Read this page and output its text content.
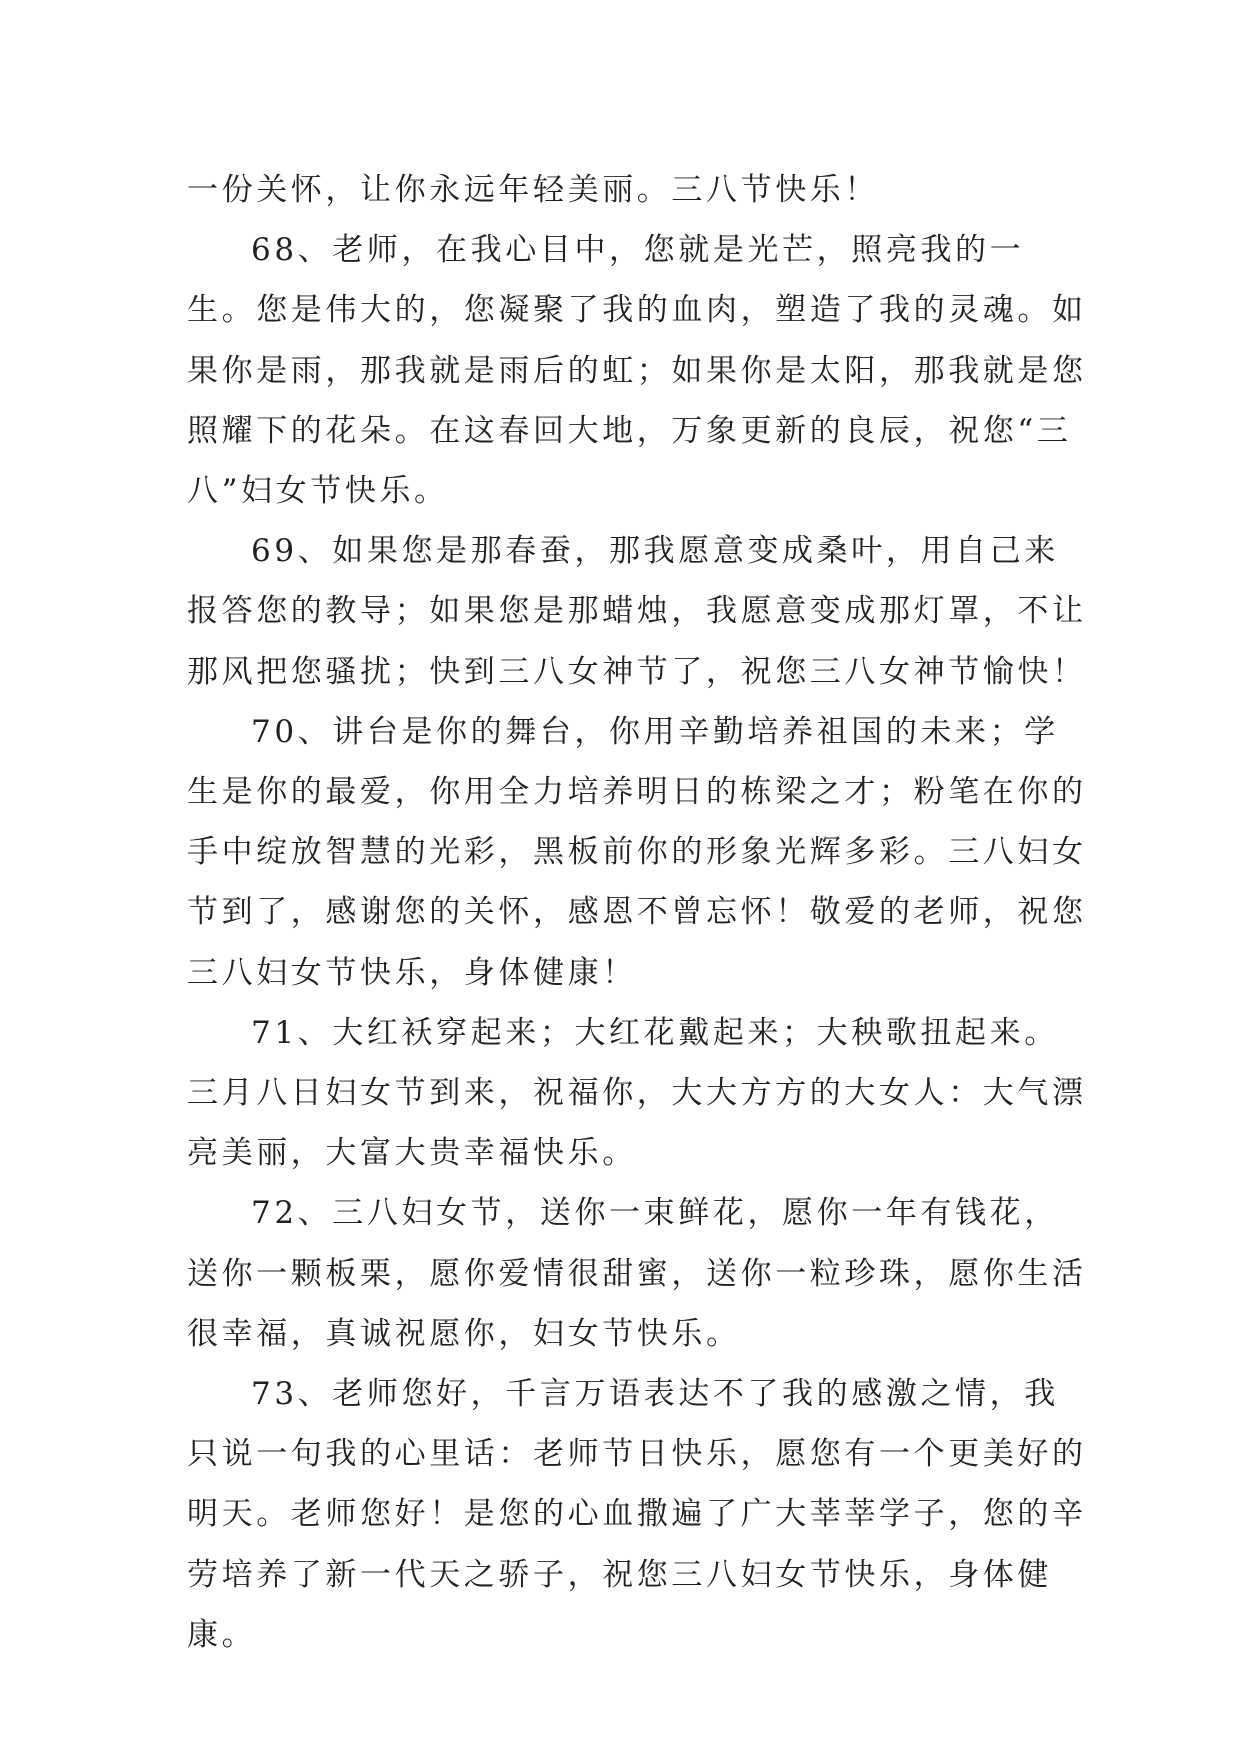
一份关怀，让你永远年轻美丽。三八节快乐！

68、老师，在我心目中，您就是光芒，照亮我的一生。您是伟大的，您凝聚了我的血肉，塑造了我的灵魂。如果你是雨，那我就是雨后的虹；如果你是太阳，那我就是您照耀下的花朵。在这春回大地，万象更新的良辰，祝您“三八”妇女节快乐。

69、如果您是那春蚕，那我愿意变成桑叶，用自己来报答您的教导；如果您是那蜡烛，我愿意变成那灯罩，不让那风把您骚扰；快到三八女神节了，祝您三八女神节愉快！

70、讲台是你的舞台，你用辛勤培养祖国的未来；学生是你的最爱，你用全力培养明日的栋梁之才；粉笔在你的手中绽放智慧的光彩，黑板前你的形象光辉多彩。三八妇女节到了，感谢您的关怀，感恩不曾忘怀！敬爱的老师，祝您三八妇女节快乐，身体健康！

71、大红袄穿起来；大红花戴起来；大秧歌扭起来。三月八日妇女节到来，祝福你，大大方方的大女人：大气漂亮美丽，大富大贵幸福快乐。

72、三八妇女节，送你一束鲜花，愿你一年有钱花，送你一颗板栗，愿你爱情很甜蜜，送你一粒珍珠，愿你生活很幸福，真诚祝愿你，妇女节快乐。

73、老师您好，千言万语表达不了我的感激之情，我只说一句我的心里话：老师节日快乐，愿您有一个更美好的明天。老师您好！是您的心血撒遍了广大莘莘学子，您的辛劳培养了新一代天之骄子，祝您三八妇女节快乐，身体健康。
